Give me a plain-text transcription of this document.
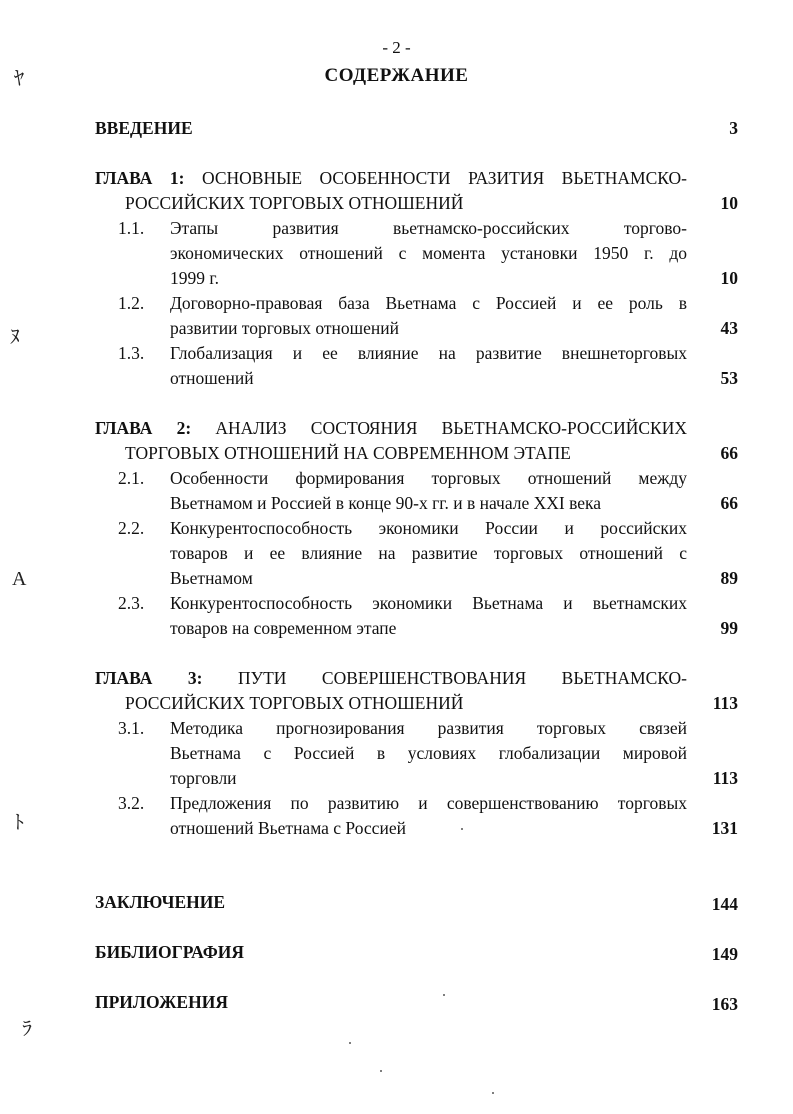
- 2 -
СОДЕРЖАНИЕ
ВВЕДЕНИЕ	3
ГЛАВА 1: ОСНОВНЫЕ ОСОБЕННОСТИ РАЗИТИЯ ВЬЕТНАМСКО-
РОССИЙСКИХ ТОРГОВЫХ ОТНОШЕНИЙ	10
1.1. Этапы развития вьетнамско-российских торгово-
экономических отношений с момента установки 1950 г. до
1999 г.	10
1.2. Договорно-правовая база Вьетнама с Россией и ее роль в
развитии торговых отношений	43
1.3. Глобализация и ее влияние на развитие внешнеторговых
отношений	53
ГЛАВА 2: АНАЛИЗ СОСТОЯНИЯ ВЬЕТНАМСКО-РОССИЙСКИХ
ТОРГОВЫХ ОТНОШЕНИЙ НА СОВРЕМЕННОМ ЭТАПЕ	66
2.1. Особенности формирования торговых отношений между
Вьетнамом и Россией в конце 90-х гг. и в начале XXI века	66
2.2. Конкурентоспособность экономики России и российских
товаров и ее влияние на развитие торговых отношений с
Вьетнамом	89
2.3. Конкурентоспособность экономики Вьетнама и вьетнамских
товаров на современном этапе	99
ГЛАВА 3: ПУТИ СОВЕРШЕНСТВОВАНИЯ ВЬЕТНАМСКО-
РОССИЙСКИХ ТОРГОВЫХ ОТНОШЕНИЙ	113
3.1. Методика прогнозирования развития торговых связей
Вьетнама с Россией в условиях глобализации мировой
торговли	113
3.2. Предложения по развитию и совершенствованию торговых
отношений Вьетнама с Россией	131
ЗАКЛЮЧЕНИЕ	144
БИБЛИОГРАФИЯ	149
ПРИЛОЖЕНИЯ	163
ﾔ
ﾇ
A
ﾄ
ﾗ
